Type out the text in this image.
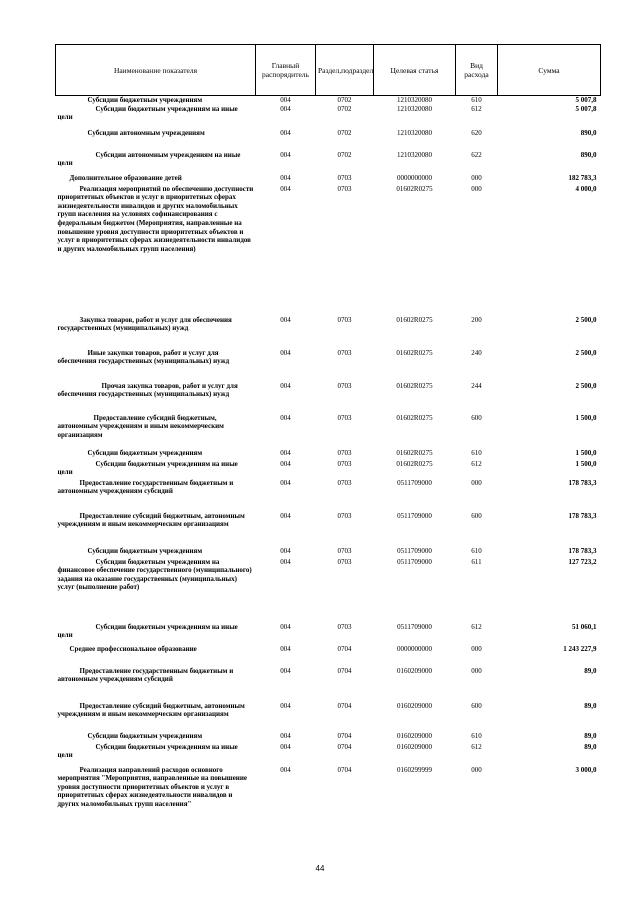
Наименование показателя	Главный распорядитель	Раздел,подраздел	Целевая статья	Вид расхода	Сумма
Субсидии бюджетным учреждениям	004	0702	1210320080	610	5 007,8
Субсидии бюджетным учреждениям на иные цели	004	0702	1210320080	612	5 007,8
Субсидии автономным учреждениям	004	0702	1210320080	620	890,0
Субсидии автономным учреждениям на иные цели	004	0702	1210320080	622	890,0
Дополнительное образование детей	004	0703	0000000000	000	182 783,3
Реализация мероприятий по обеспечению доступности приоритетных объектов и услуг в приоритетных сферах жизнедеятельности инвалидов и других маломобильных групп населения на условиях софинансирования с федеральным бюджетом (Мероприятия, направленные на повышение уровня доступности приоритетных объектов и услуг в приоритетных сферах жизнедеятельности инвалидов и других маломобильных групп населения)	004	0703	01602R0275	000	4 000,0
Закупка товаров, работ и услуг для обеспечения государственных (муниципальных) нужд	004	0703	01602R0275	200	2 500,0
Иные закупки товаров, работ и услуг для обеспечения государственных (муниципальных) нужд	004	0703	01602R0275	240	2 500,0
Прочая закупка товаров, работ и услуг для обеспечения государственных (муниципальных) нужд	004	0703	01602R0275	244	2 500,0
Предоставление субсидий бюджетным, автономным учреждениям и иным некоммерческим организациям	004	0703	01602R0275	600	1 500,0
Субсидии бюджетным учреждениям	004	0703	01602R0275	610	1 500,0
Субсидии бюджетным учреждениям на иные цели	004	0703	01602R0275	612	1 500,0
Предоставление государственным бюджетным и автономным учреждениям субсидий	004	0703	0511709000	000	178 783,3
Предоставление субсидий бюджетным, автономным учреждениям и иным некоммерческим организациям	004	0703	0511709000	600	178 783,3
Субсидии бюджетным учреждениям	004	0703	0511709000	610	178 783,3
Субсидии бюджетным учреждениям на финансовое обеспечение государственного (муниципального) задания на оказание государственных (муниципальных) услуг (выполнение работ)	004	0703	0511709000	611	127 723,2
Субсидии бюджетным учреждениям на иные цели	004	0703	0511709000	612	51 060,1
Среднее профессиональное образование	004	0704	0000000000	000	1 243 227,9
Предоставление государственным бюджетным и автономным учреждениям субсидий	004	0704	0160209000	000	89,0
Предоставление субсидий бюджетным, автономным учреждениям и иным некоммерческим организациям	004	0704	0160209000	600	89,0
Субсидии бюджетным учреждениям	004	0704	0160209000	610	89,0
Субсидии бюджетным учреждениям на иные цели	004	0704	0160209000	612	89,0
Реализация направлений расходов основного мероприятия "Мероприятия, направленные на повышение уровня доступности приоритетных объектов и услуг в приоритетных сферах жизнедеятельности инвалидов и других маломобильных групп населения"	004	0704	0160299999	000	3 000,0
44
